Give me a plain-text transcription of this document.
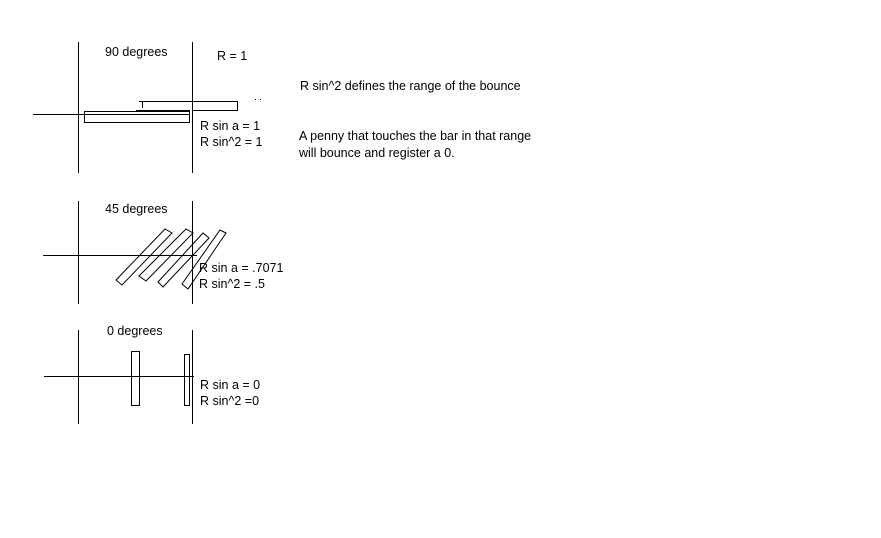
90 degrees	R = 1
R sin a = 1
R sin^2 = 1
R sin^2 defines the range of the bounce
A penny that touches the bar in that range
will bounce and register a 0.
45 degrees
R sin a = .7071
R sin^2 = .5
0 degrees
R sin a = 0
R sin^2 =0
